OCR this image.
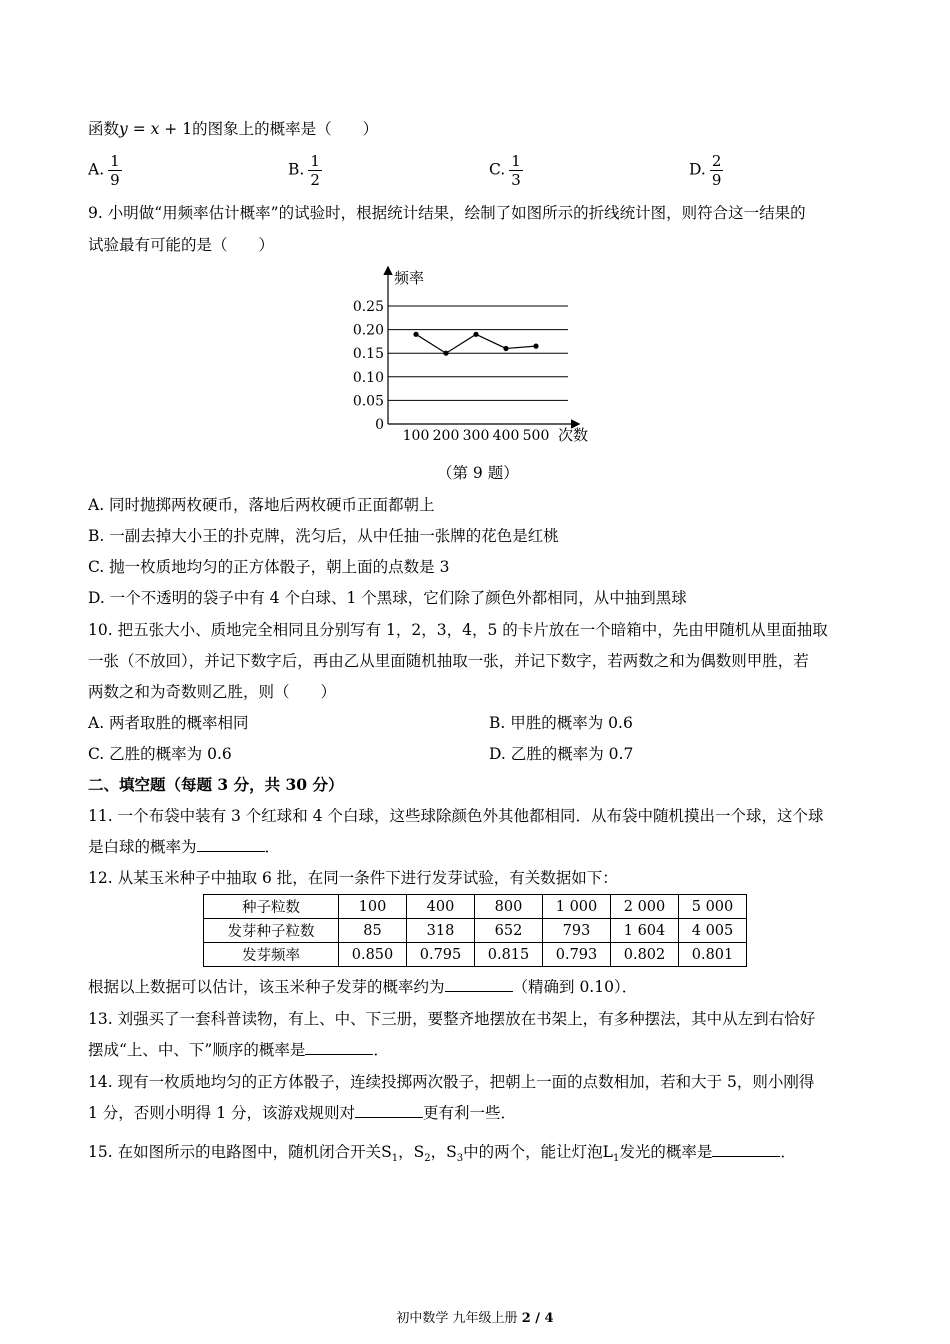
函数y = x + 1的图象上的概率是（　　）
A. $\frac{1}{9}$	B. $\frac{1}{2}$	C. $\frac{1}{3}$	D. $\frac{2}{9}$
9. 小明做“用频率估计概率”的试验时，根据统计结果，绘制了如图所示的折线统计图，则符合这一结果的
试验最有可能的是（　　）
频率
次数
0
0.05
0.10
0.15
0.20
0.25
100 200 300 400 500
（第 9 题）
A. 同时抛掷两枚硬币，落地后两枚硬币正面都朝上
B. 一副去掉大小王的扑克牌，洗匀后，从中任抽一张牌的花色是红桃
C. 抛一枚质地均匀的正方体骰子，朝上面的点数是 3
D. 一个不透明的袋子中有 4 个白球、1 个黑球，它们除了颜色外都相同，从中抽到黑球
10. 把五张大小、质地完全相同且分别写有 1，2，3，4，5 的卡片放在一个暗箱中，先由甲随机从里面抽取
一张（不放回），并记下数字后，再由乙从里面随机抽取一张，并记下数字，若两数之和为偶数则甲胜，若
两数之和为奇数则乙胜，则（　　）
A. 两者取胜的概率相同	B. 甲胜的概率为 0.6
C. 乙胜的概率为 0.6	D. 乙胜的概率为 0.7
二、填空题（每题 3 分，共 30 分）
11. 一个布袋中装有 3 个红球和 4 个白球，这些球除颜色外其他都相同．从布袋中随机摸出一个球，这个球
是白球的概率为	．
12. 从某玉米种子中抽取 6 批，在同一条件下进行发芽试验，有关数据如下：
种子粒数	100	400	800	1 000	2 000	5 000
发芽种子粒数	85	318	652	793	1 604	4 005
发芽频率	0.850	0.795	0.815	0.793	0.802	0.801
根据以上数据可以估计，该玉米种子发芽的概率约为	（精确到 0.10）．
13. 刘强买了一套科普读物，有上、中、下三册，要整齐地摆放在书架上，有多种摆法，其中从左到右恰好
摆成“上、中、下”顺序的概率是	．
14. 现有一枚质地均匀的正方体骰子，连续投掷两次骰子，把朝上一面的点数相加，若和大于 5，则小刚得
1 分，否则小明得 1 分，该游戏规则对	更有利一些．
15. 在如图所示的电路图中，随机闭合开关$S_1$，$S_2$，$S_3$中的两个，能让灯泡$L_1$发光的概率是	．
初中数学 九年级上册 2 / 4
